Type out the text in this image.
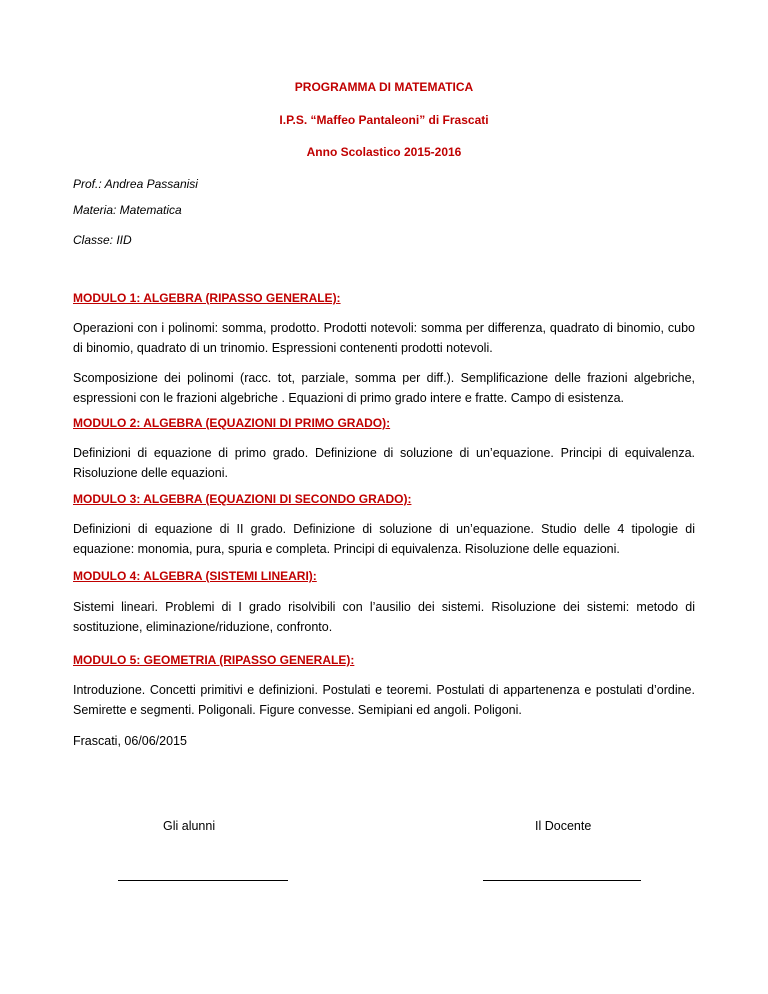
PROGRAMMA DI MATEMATICA
I.P.S. “Maffeo Pantaleoni” di Frascati
Anno Scolastico 2015-2016
Prof.: Andrea Passanisi
Materia: Matematica
Classe: IID
MODULO 1: ALGEBRA (RIPASSO GENERALE):
Operazioni con i polinomi: somma, prodotto. Prodotti notevoli: somma per differenza, quadrato di binomio, cubo di binomio, quadrato di un trinomio. Espressioni contenenti prodotti notevoli.
Scomposizione dei polinomi (racc. tot, parziale, somma per diff.). Semplificazione delle frazioni algebriche, espressioni con le frazioni algebriche . Equazioni di primo grado intere e fratte. Campo di esistenza.
MODULO 2: ALGEBRA (EQUAZIONI DI PRIMO GRADO):
Definizioni di equazione di primo grado. Definizione di soluzione di un’equazione. Principi di equivalenza. Risoluzione delle equazioni.
MODULO 3: ALGEBRA (EQUAZIONI DI SECONDO GRADO):
Definizioni di equazione di II grado. Definizione di soluzione di un’equazione. Studio delle 4 tipologie di equazione: monomia, pura, spuria e completa. Principi di equivalenza. Risoluzione delle equazioni.
MODULO 4: ALGEBRA (SISTEMI LINEARI):
Sistemi lineari. Problemi di I grado risolvibili con l’ausilio dei sistemi. Risoluzione dei sistemi: metodo di sostituzione, eliminazione/riduzione, confronto.
MODULO 5: GEOMETRIA (RIPASSO GENERALE):
Introduzione. Concetti primitivi e definizioni. Postulati e teoremi. Postulati di appartenenza e postulati d’ordine. Semirette e segmenti. Poligonali. Figure convesse. Semipiani ed angoli. Poligoni.
Frascati, 06/06/2015
Gli alunni	Il Docente
